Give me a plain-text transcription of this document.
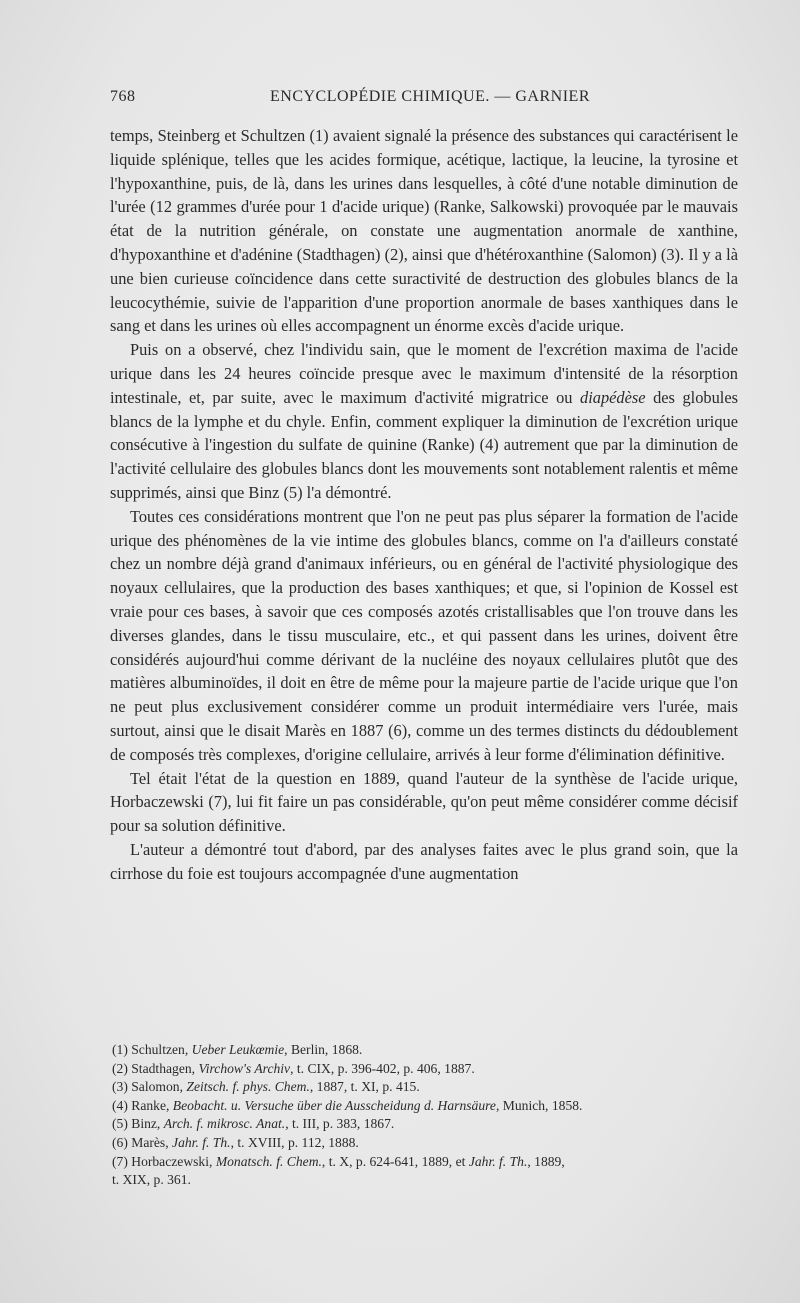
768	ENCYCLOPÉDIE CHIMIQUE. — GARNIER

temps, Steinberg et Schultzen (1) avaient signalé la présence des substances qui caractérisent le liquide splénique, telles que les acides formique, acétique, lactique, la leucine, la tyrosine et l'hypoxanthine, puis, de là, dans les urines dans lesquelles, à côté d'une notable diminution de l'urée (12 grammes d'urée pour 1 d'acide urique) (Ranke, Salkowski) provoquée par le mauvais état de la nutrition générale, on constate une augmentation anormale de xanthine, d'hypoxanthine et d'adénine (Stadthagen) (2), ainsi que d'hétéroxanthine (Salomon) (3). Il y a là une bien curieuse coïncidence dans cette suractivité de destruction des globules blancs de la leucocythémie, suivie de l'apparition d'une proportion anormale de bases xanthiques dans le sang et dans les urines où elles accompagnent un énorme excès d'acide urique.

Puis on a observé, chez l'individu sain, que le moment de l'excrétion maxima de l'acide urique dans les 24 heures coïncide presque avec le maximum d'intensité de la résorption intestinale, et, par suite, avec le maximum d'activité migratrice ou diapédèse des globules blancs de la lymphe et du chyle. Enfin, comment expliquer la diminution de l'excrétion urique consécutive à l'ingestion du sulfate de quinine (Ranke) (4) autrement que par la diminution de l'activité cellulaire des globules blancs dont les mouvements sont notablement ralentis et même supprimés, ainsi que Binz (5) l'a démontré.

Toutes ces considérations montrent que l'on ne peut pas plus séparer la formation de l'acide urique des phénomènes de la vie intime des globules blancs, comme on l'a d'ailleurs constaté chez un nombre déjà grand d'animaux inférieurs, ou en général de l'activité physiologique des noyaux cellulaires, que la production des bases xanthiques; et que, si l'opinion de Kossel est vraie pour ces bases, à savoir que ces composés azotés cristallisables que l'on trouve dans les diverses glandes, dans le tissu musculaire, etc., et qui passent dans les urines, doivent être considérés aujourd'hui comme dérivant de la nucléine des noyaux cellulaires plutôt que des matières albuminoïdes, il doit en être de même pour la majeure partie de l'acide urique que l'on ne peut plus exclusivement considérer comme un produit intermédiaire vers l'urée, mais surtout, ainsi que le disait Marès en 1887 (6), comme un des termes distincts du dédoublement de composés très complexes, d'origine cellulaire, arrivés à leur forme d'élimination définitive.

Tel était l'état de la question en 1889, quand l'auteur de la synthèse de l'acide urique, Horbaczewski (7), lui fit faire un pas considérable, qu'on peut même considérer comme décisif pour sa solution définitive.

L'auteur a démontré tout d'abord, par des analyses faites avec le plus grand soin, que la cirrhose du foie est toujours accompagnée d'une augmentation

(1) Schultzen, Ueber Leukœmie, Berlin, 1868.
(2) Stadthagen, Virchow's Archiv, t. CIX, p. 396-402, p. 406, 1887.
(3) Salomon, Zeitsch. f. phys. Chem., 1887, t. XI, p. 415.
(4) Ranke, Beobacht. u. Versuche über die Ausscheidung d. Harnsäure, Munich, 1858.
(5) Binz, Arch. f. mikrosc. Anat., t. III, p. 383, 1867.
(6) Marès, Jahr. f. Th., t. XVIII, p. 112, 1888.
(7) Horbaczewski, Monatsch. f. Chem., t. X, p. 624-641, 1889, et Jahr. f. Th., 1889,
t. XIX, p. 361.
